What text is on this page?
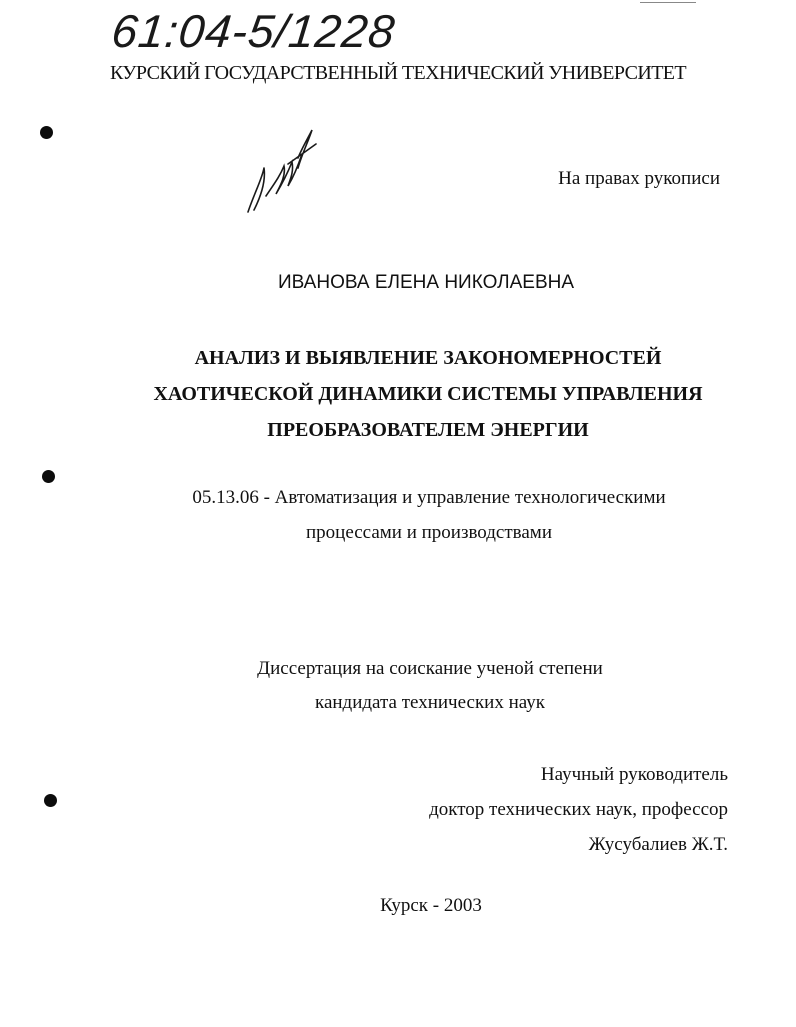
61:04-5/1228
КУРСКИЙ ГОСУДАРСТВЕННЫЙ ТЕХНИЧЕСКИЙ УНИВЕРСИТЕТ
На правах рукописи
ИВАНОВА ЕЛЕНА НИКОЛАЕВНА
АНАЛИЗ И ВЫЯВЛЕНИЕ ЗАКОНОМЕРНОСТЕЙ
ХАОТИЧЕСКОЙ ДИНАМИКИ СИСТЕМЫ УПРАВЛЕНИЯ
ПРЕОБРАЗОВАТЕЛЕМ ЭНЕРГИИ
05.13.06 - Автоматизация и управление технологическими
процессами и производствами
Диссертация на соискание ученой степени
кандидата технических наук
Научный руководитель
доктор технических наук, профессор
Жусубалиев Ж.Т.
Курск - 2003
